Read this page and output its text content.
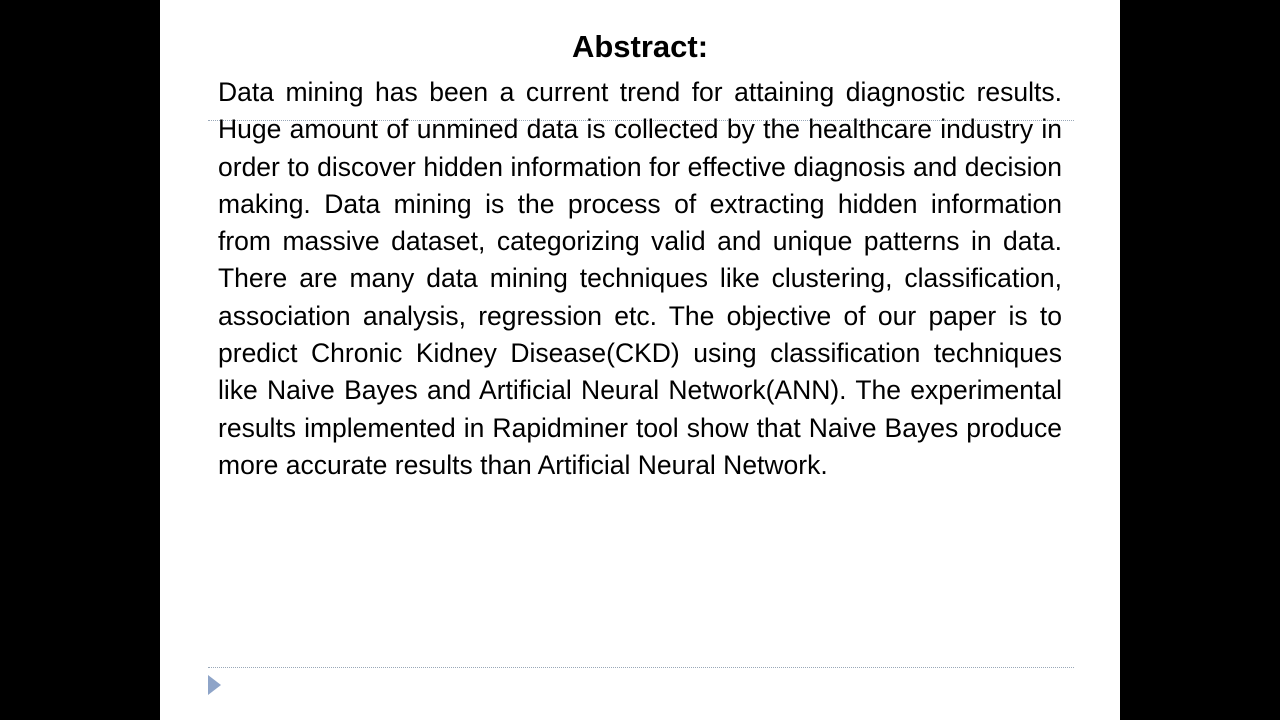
Abstract:

Data mining has been a current trend for attaining diagnostic results. Huge amount of unmined data is collected by the healthcare industry in order to discover hidden information for effective diagnosis and decision making. Data mining is the process of extracting hidden information from massive dataset, categorizing valid and unique patterns in data. There are many data mining techniques like clustering, classification, association analysis, regression etc. The objective of our paper is to predict Chronic Kidney Disease(CKD) using classification techniques like Naive Bayes and Artificial Neural Network(ANN). The experimental results implemented in Rapidminer tool show that Naive Bayes produce more accurate results than Artificial Neural Network.
